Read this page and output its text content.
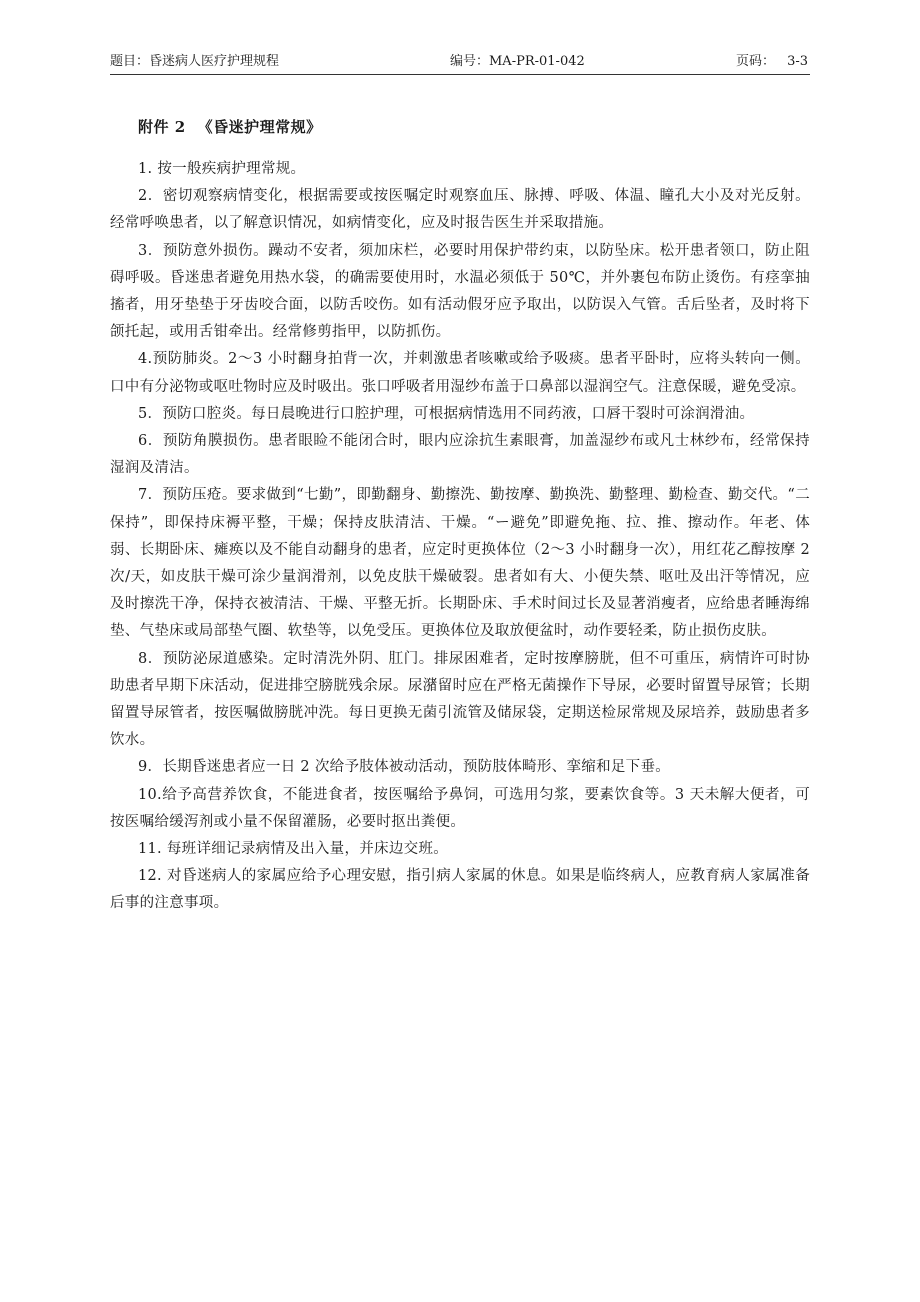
题目：昏迷病人医疗护理规程	编号：MA-PR-01-042	页码： 3-3
附件 2 《昏迷护理常规》

1. 按一般疾病护理常规。

2．密切观察病情变化，根据需要或按医嘱定时观察血压、脉搏、呼吸、体温、瞳孔大小及对光反射。经常呼唤患者，以了解意识情况，如病情变化，应及时报告医生并采取措施。

3．预防意外损伤。躁动不安者，须加床栏，必要时用保护带约束，以防坠床。松开患者领口，防止阻碍呼吸。昏迷患者避免用热水袋，的确需要使用时，水温必须低于 50℃，并外裹包布防止烫伤。有痉挛抽搐者，用牙垫垫于牙齿咬合面，以防舌咬伤。如有活动假牙应予取出，以防误入气管。舌后坠者，及时将下颌托起，或用舌钳牵出。经常修剪指甲，以防抓伤。

4.预防肺炎。2～3 小时翻身拍背一次，并刺激患者咳嗽或给予吸痰。患者平卧时，应将头转向一侧。口中有分泌物或呕吐物时应及时吸出。张口呼吸者用湿纱布盖于口鼻部以湿润空气。注意保暖，避免受凉。

5．预防口腔炎。每日晨晚进行口腔护理，可根据病情选用不同药液，口唇干裂时可涂润滑油。

6．预防角膜损伤。患者眼睑不能闭合时，眼内应涂抗生素眼膏，加盖湿纱布或凡士林纱布，经常保持湿润及清洁。

7．预防压疮。要求做到“七勤”，即勤翻身、勤擦洗、勤按摩、勤换洗、勤整理、勤检查、勤交代。“二保持”，即保持床褥平整，干燥；保持皮肤清洁、干燥。“ー避免”即避免拖、拉、推、擦动作。年老、体弱、长期卧床、瘫痪以及不能自动翻身的患者，应定时更换体位（2～3 小时翻身一次），用红花乙醇按摩 2 次/天，如皮肤干燥可涂少量润滑剂，以免皮肤干燥破裂。患者如有大、小便失禁、呕吐及出汗等情况，应及时擦洗干净，保持衣被清洁、干燥、平整无折。长期卧床、手术时间过长及显著消瘦者，应给患者睡海绵垫、气垫床或局部垫气圈、软垫等，以免受压。更换体位及取放便盆时，动作要轻柔，防止损伤皮肤。

8．预防泌尿道感染。定时清洗外阴、肛门。排尿困难者，定时按摩膀胱，但不可重压，病情许可时协助患者早期下床活动，促进排空膀胱残余尿。尿潴留时应在严格无菌操作下导尿，必要时留置导尿管；长期留置导尿管者，按医嘱做膀胱冲洗。每日更换无菌引流管及储尿袋，定期送检尿常规及尿培养，鼓励患者多饮水。

9．长期昏迷患者应一日 2 次给予肢体被动活动，预防肢体畸形、挛缩和足下垂。

10.给予高营养饮食，不能进食者，按医嘱给予鼻饲，可选用匀浆，要素饮食等。3 天未解大便者，可按医嘱给缓泻剂或小量不保留灌肠，必要时抠出粪便。

11. 每班详细记录病情及出入量，并床边交班。

12. 对昏迷病人的家属应给予心理安慰，指引病人家属的休息。如果是临终病人，应教育病人家属准备后事的注意事项。
